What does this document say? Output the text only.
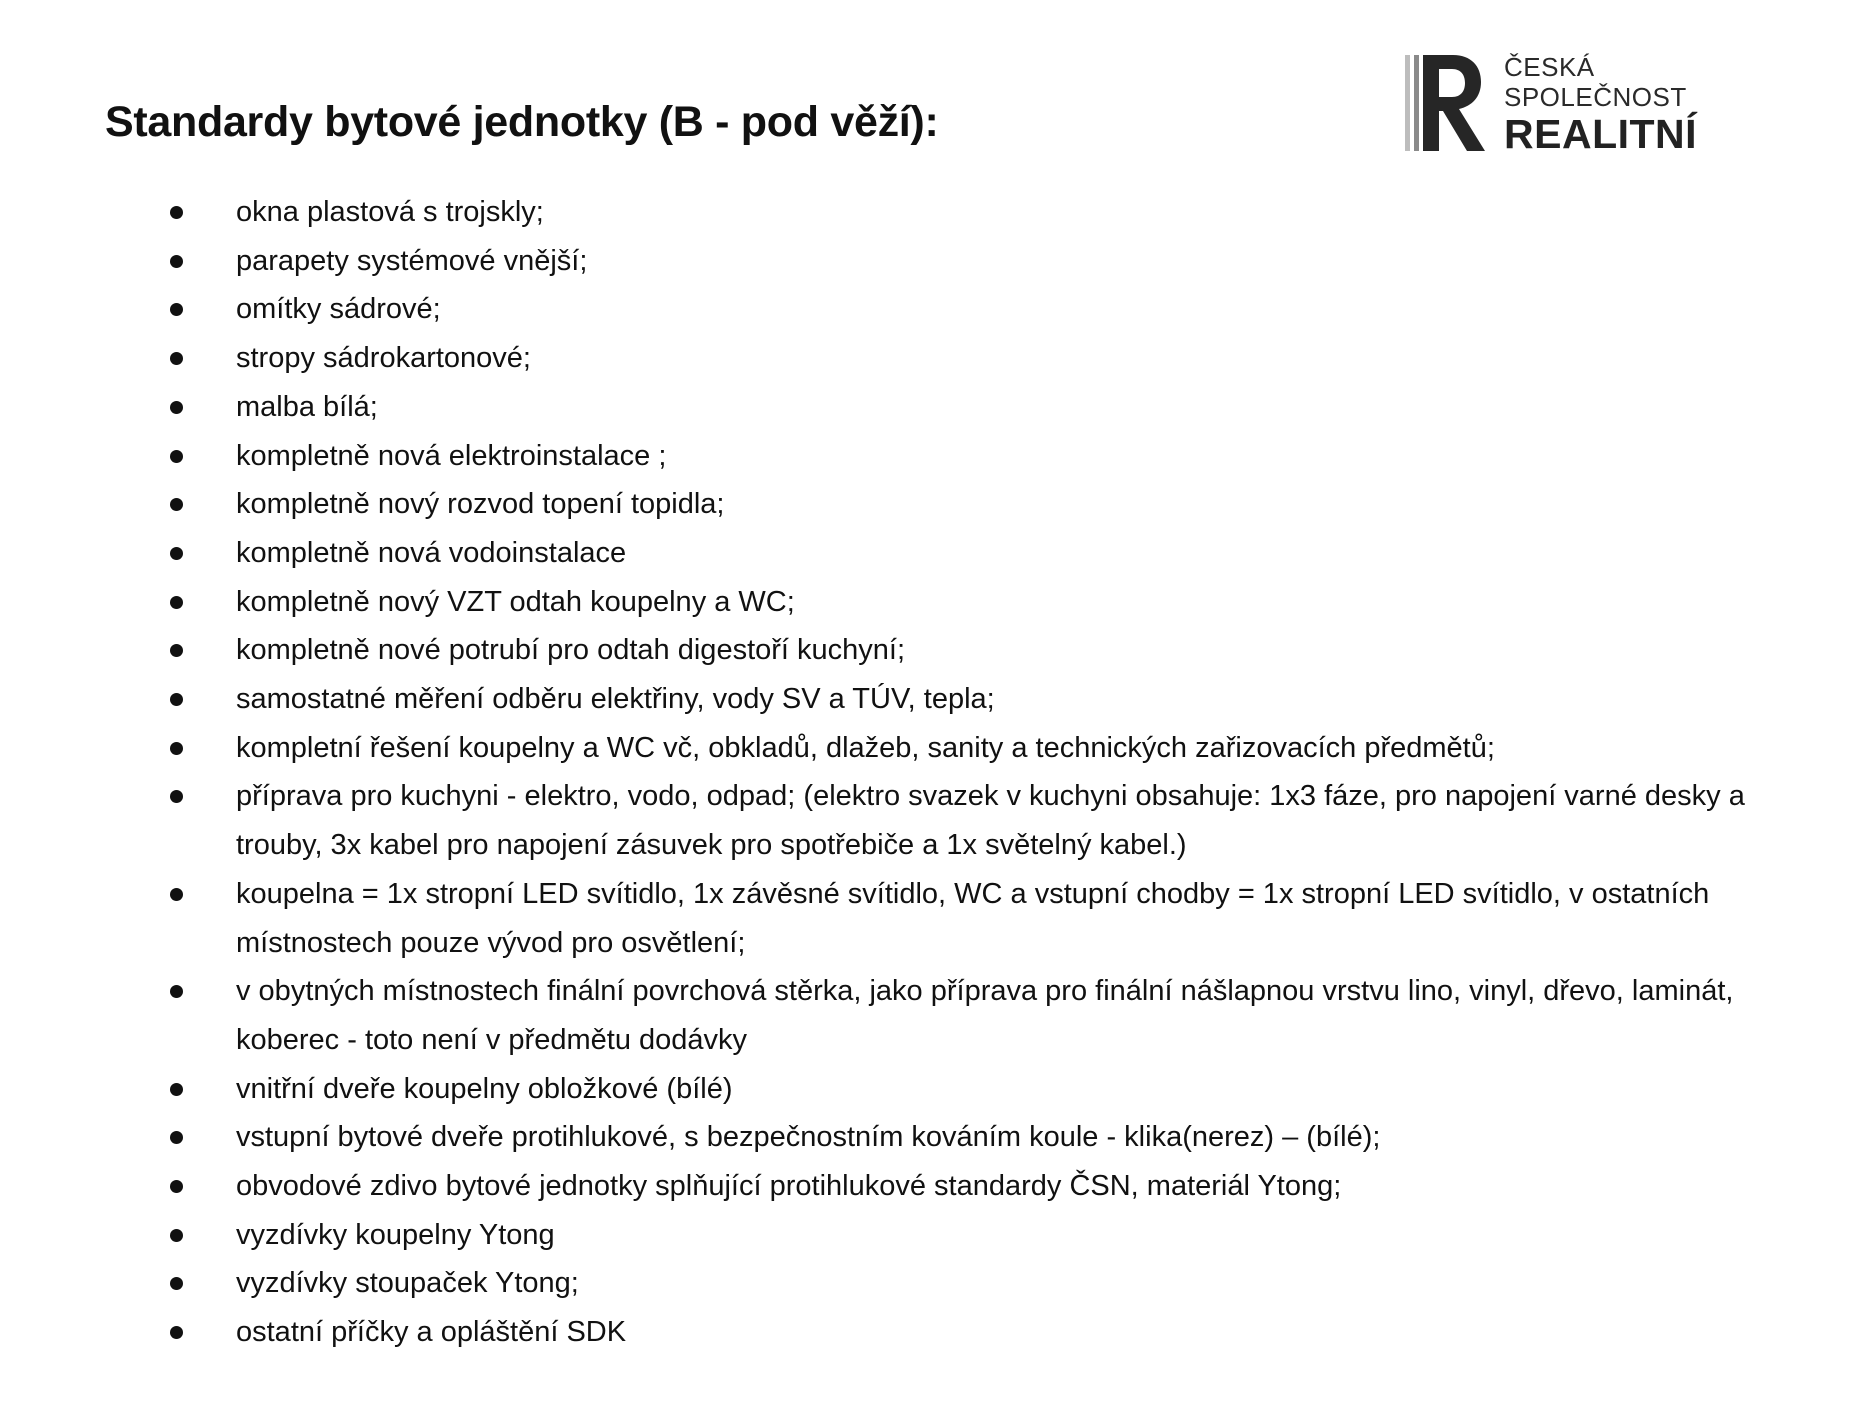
Standardy bytové jednotky (B - pod věží):
ČESKÁ
SPOLEČNOST
REALITNÍ
okna plastová s trojskly;
parapety systémové vnější;
omítky sádrové;
stropy sádrokartonové;
malba bílá;
kompletně nová elektroinstalace ;
kompletně nový rozvod topení topidla;
kompletně nová vodoinstalace
kompletně nový VZT odtah koupelny a WC;
kompletně nové potrubí pro odtah digestoří kuchyní;
samostatné měření odběru elektřiny, vody SV a TÚV, tepla;
kompletní řešení koupelny a WC vč, obkladů, dlažeb, sanity a technických zařizovacích předmětů;
příprava pro kuchyni - elektro, vodo, odpad; (elektro svazek v kuchyni obsahuje: 1x3 fáze, pro napojení varné desky a trouby, 3x kabel pro napojení zásuvek pro spotřebiče a 1x světelný kabel.)
koupelna = 1x stropní LED svítidlo, 1x závěsné svítidlo, WC a vstupní chodby = 1x stropní LED svítidlo, v ostatních místnostech pouze vývod pro osvětlení;
v obytných místnostech finální povrchová stěrka, jako příprava pro finální nášlapnou vrstvu lino, vinyl, dřevo, laminát, koberec - toto není v předmětu dodávky
vnitřní dveře koupelny obložkové (bílé)
vstupní bytové dveře protihlukové, s bezpečnostním kováním koule - klika(nerez) – (bílé);
obvodové zdivo bytové jednotky splňující protihlukové standardy ČSN, materiál Ytong;
vyzdívky koupelny Ytong
vyzdívky stoupaček Ytong;
ostatní příčky a opláštění SDK
